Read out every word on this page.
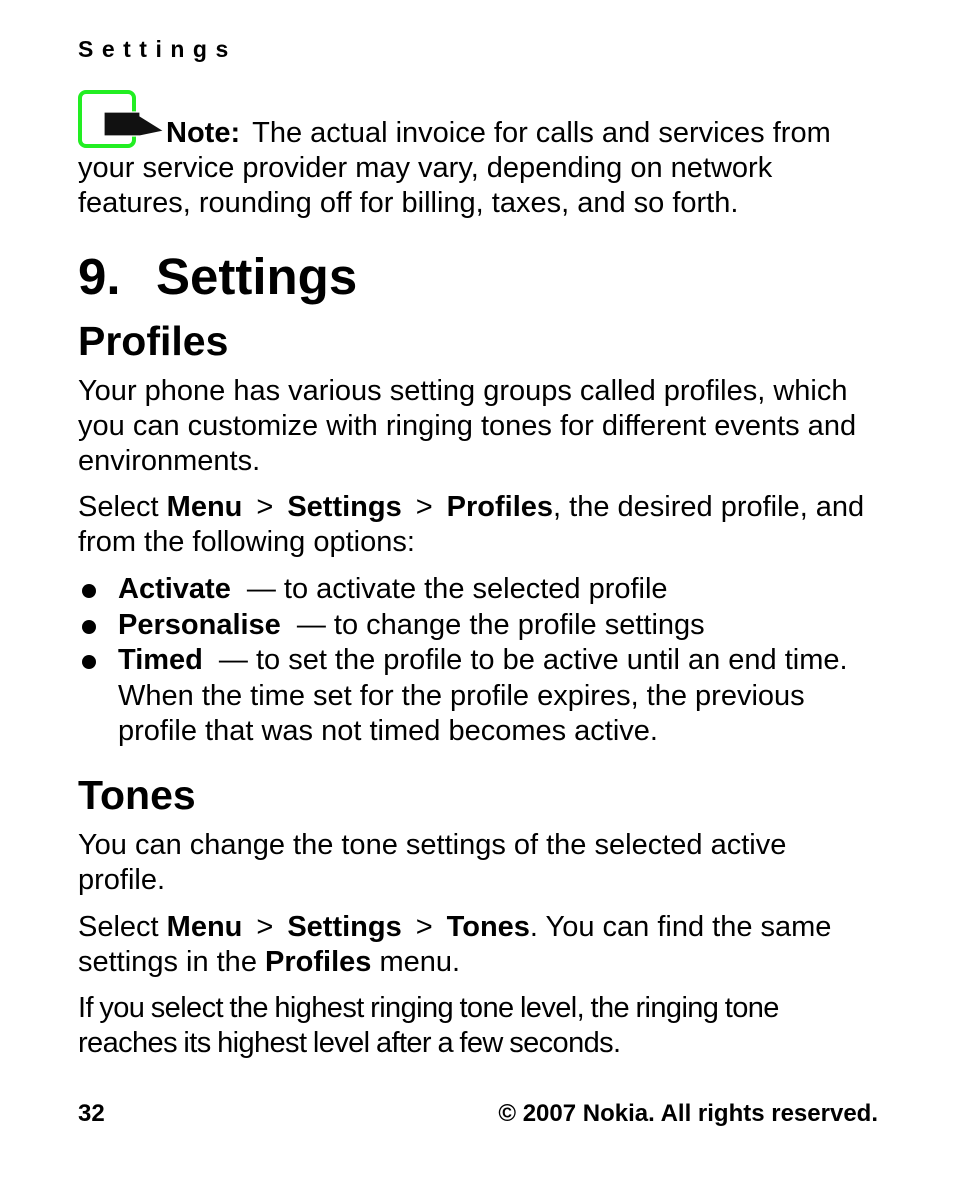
Settings

Note: The actual invoice for calls and services from your service provider may vary, depending on network features, rounding off for billing, taxes, and so forth.

9. Settings
Profiles

Your phone has various setting groups called profiles, which you can customize with ringing tones for different events and environments.

Select Menu > Settings > Profiles, the desired profile, and from the following options:

Activate — to activate the selected profile
Personalise — to change the profile settings
Timed — to set the profile to be active until an end time. When the time set for the profile expires, the previous profile that was not timed becomes active.
Tones

You can change the tone settings of the selected active profile.

Select Menu > Settings > Tones. You can find the same settings in the Profiles menu.

If you select the highest ringing tone level, the ringing tone reaches its highest level after a few seconds.

32	© 2007 Nokia. All rights reserved.
